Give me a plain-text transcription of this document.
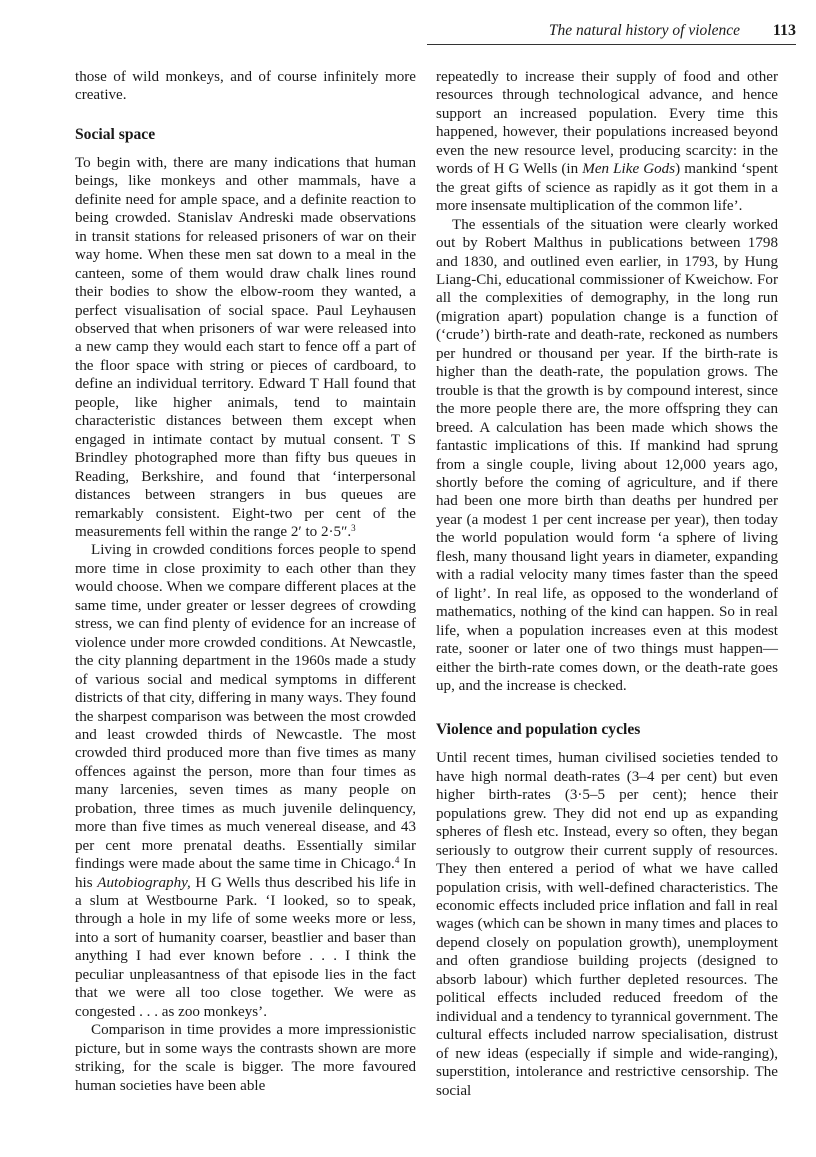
The natural history of violence 113

those of wild monkeys, and of course infinitely more creative.

Social space

To begin with, there are many indications that human beings, like monkeys and other mammals, have a definite need for ample space, and a definite reaction to being crowded. Stanislav Andreski made observations in transit stations for released prisoners of war on their way home. When these men sat down to a meal in the canteen, some of them would draw chalk lines round their bodies to show the elbow-room they wanted, a perfect visualisation of social space. Paul Leyhausen observed that when prisoners of war were released into a new camp they would each start to fence off a part of the floor space with string or pieces of cardboard, to define an individual territory. Edward T Hall found that people, like higher animals, tend to maintain characteristic distances between them except when engaged in intimate contact by mutual consent. T S Brindley photographed more than fifty bus queues in Reading, Berkshire, and found that ‘interpersonal distances between strangers in bus queues are remarkably consistent. Eight-two per cent of the measurements fell within the range 2′ to 2·5″.$^3$

Living in crowded conditions forces people to spend more time in close proximity to each other than they would choose. When we compare different places at the same time, under greater or lesser degrees of crowding stress, we can find plenty of evidence for an increase of violence under more crowded conditions. At Newcastle, the city planning department in the 1960s made a study of various social and medical symptoms in different districts of that city, differing in many ways. They found the sharpest comparison was between the most crowded and least crowded thirds of Newcastle. The most crowded third produced more than five times as many offences against the person, more than four times as many larcenies, seven times as many people on probation, three times as much juvenile delinquency, more than five times as much venereal disease, and 43 per cent more prenatal deaths. Essentially similar findings were made about the same time in Chicago.$^4$ In his Autobiography, H G Wells thus described his life in a slum at Westbourne Park. ‘I looked, so to speak, through a hole in my life of some weeks more or less, into a sort of humanity coarser, beastlier and baser than anything I had ever known before . . . I think the peculiar unpleasantness of that episode lies in the fact that we were all too close together. We were as congested . . . as zoo monkeys’.

Comparison in time provides a more impressionistic picture, but in some ways the contrasts shown are more striking, for the scale is bigger. The more favoured human societies have been able

repeatedly to increase their supply of food and other resources through technological advance, and hence support an increased population. Every time this happened, however, their populations increased beyond even the new resource level, producing scarcity: in the words of H G Wells (in Men Like Gods) mankind ‘spent the great gifts of science as rapidly as it got them in a more insensate multiplication of the common life’.

The essentials of the situation were clearly worked out by Robert Malthus in publications between 1798 and 1830, and outlined even earlier, in 1793, by Hung Liang-Chi, educational commissioner of Kweichow. For all the complexities of demography, in the long run (migration apart) population change is a function of (‘crude’) birth-rate and death-rate, reckoned as numbers per hundred or thousand per year. If the birth-rate is higher than the death-rate, the population grows. The trouble is that the growth is by compound interest, since the more people there are, the more offspring they can breed. A calculation has been made which shows the fantastic implications of this. If mankind had sprung from a single couple, living about 12,000 years ago, shortly before the coming of agriculture, and if there had been one more birth than deaths per hundred per year (a modest 1 per cent increase per year), then today the world population would form ‘a sphere of living flesh, many thousand light years in diameter, expanding with a radial velocity many times faster than the speed of light’. In real life, as opposed to the wonderland of mathematics, nothing of the kind can happen. So in real life, when a population increases even at this modest rate, sooner or later one of two things must happen—either the birth-rate comes down, or the death-rate goes up, and the increase is checked.

Violence and population cycles

Until recent times, human civilised societies tended to have high normal death-rates (3–4 per cent) but even higher birth-rates (3·5–5 per cent); hence their populations grew. They did not end up as expanding spheres of flesh etc. Instead, every so often, they began seriously to outgrow their current supply of resources. They then entered a period of what we have called population crisis, with well-defined characteristics. The economic effects included price inflation and fall in real wages (which can be shown in many times and places to depend closely on population growth), unemployment and often grandiose building projects (designed to absorb labour) which further depleted resources. The political effects included reduced freedom of the individual and a tendency to tyrannical government. The cultural effects included narrow specialisation, distrust of new ideas (especially if simple and wide-ranging), superstition, intolerance and restrictive censorship. The social
